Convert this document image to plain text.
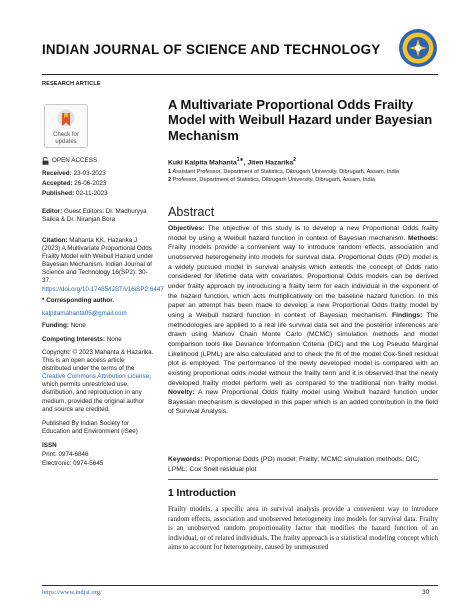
INDIAN JOURNAL OF SCIENCE AND TECHNOLOGY
RESEARCH ARTICLE
Check for
updates
OPEN ACCESS
Received: 23-03-2023
Accepted: 26-06-2023
Published: 02-11-2023
Editor: Guest Editors: Dr. Madhuryya Saikia & Dr. Niranjan Bora
Citation: Mahanta KK, Hazarika J (2023) A Multivariate Proportional Odds Frailty Model with Weibull Hazard under Bayesian Mechanism. Indian Journal of Science and Technology 16(SP2): 30-37. https://doi.org/10.17485/IJST/v16iSP2.6447
* Corresponding author.
kalpitamahanta05@gmail.com
Funding: None
Competing Interests: None
Copyright: © 2023 Mahanta & Hazarika. This is an open access article distributed under the terms of the Creative Commons Attribution License, which permits unrestricted use, distribution, and reproduction in any medium, provided the original author and source are credited.
Published By Indian Society for Education and Environment (iSee)
ISSN
Print: 0974-6846
Electronic: 0974-5645
A Multivariate Proportional Odds Frailty Model with Weibull Hazard under Bayesian Mechanism
Kuki Kalpita Mahanta$^{1∗}$, Jiten Hazarika$^2$
1 Assistant Professor, Department of Statistics, Dibrugarh University, Dibrugarh, Assam, India
2 Professor, Department of Statistics, Dibrugarh University, Dibrugarh, Assam, India
Abstract
Objectives: The objective of this study is to develop a new Proportional Odds frailty model by using a Weibull hazard function in context of Bayesian mechanism. Methods: Frailty models provide a convenient way to introduce random effects, association and unobserved heterogeneity into models for survival data. Proportional Odds (PO) model is a widely pursued model in survival analysis which extends the concept of Odds ratio considered for lifetime data with covariates. Proportional Odds models can be derived under frailty approach by introducing a frailty term for each individual in the exponent of the hazard function, which acts multiplicatively on the baseline hazard function. In this paper an attempt has been made to develop a new Proportional Odds frailty model by using a Weibull hazard function in context of Bayesian mechanism. Findings: The methodologies are applied to a real life survival data set and the posterior inferences are drawn using Markov Chain Monte Carlo (MCMC) simulation methods and model comparison tools like Deviance Information Criteria (DIC) and the Log Pseudo Marginal Likelihood (LPML) are also calculated and to check the fit of the model Cox-Snell residual plot is employed. The performance of the newly developed model is compared with an existing proportional odds model without the frailty term and it is observed that the newly developed frailty model perform well as compared to the traditional non frailty model. Novelty: A new Proportional Odds frailty model using Weibull hazard function under Bayesian mechanism is developed in this paper which is an added contribution in the field of Survival Analysis.
Keywords: Proportional Odds (PO) model; Frailty; MCMC simulation methods; DIC; LPML; Cox Snell residual plot
1 Introduction
Frailty models, a specific area in survival analysis provide a convenient way to introduce random effects, association and unobserved heterogeneity into models for survival data. Frailty is an unobserved random proportionality factor that modifies the hazard function of an individual, or of related individuals. The frailty approach is a statistical modeling concept which aims to account for heterogeneity, caused by unmeasured
https://www.indjst.org/	30
